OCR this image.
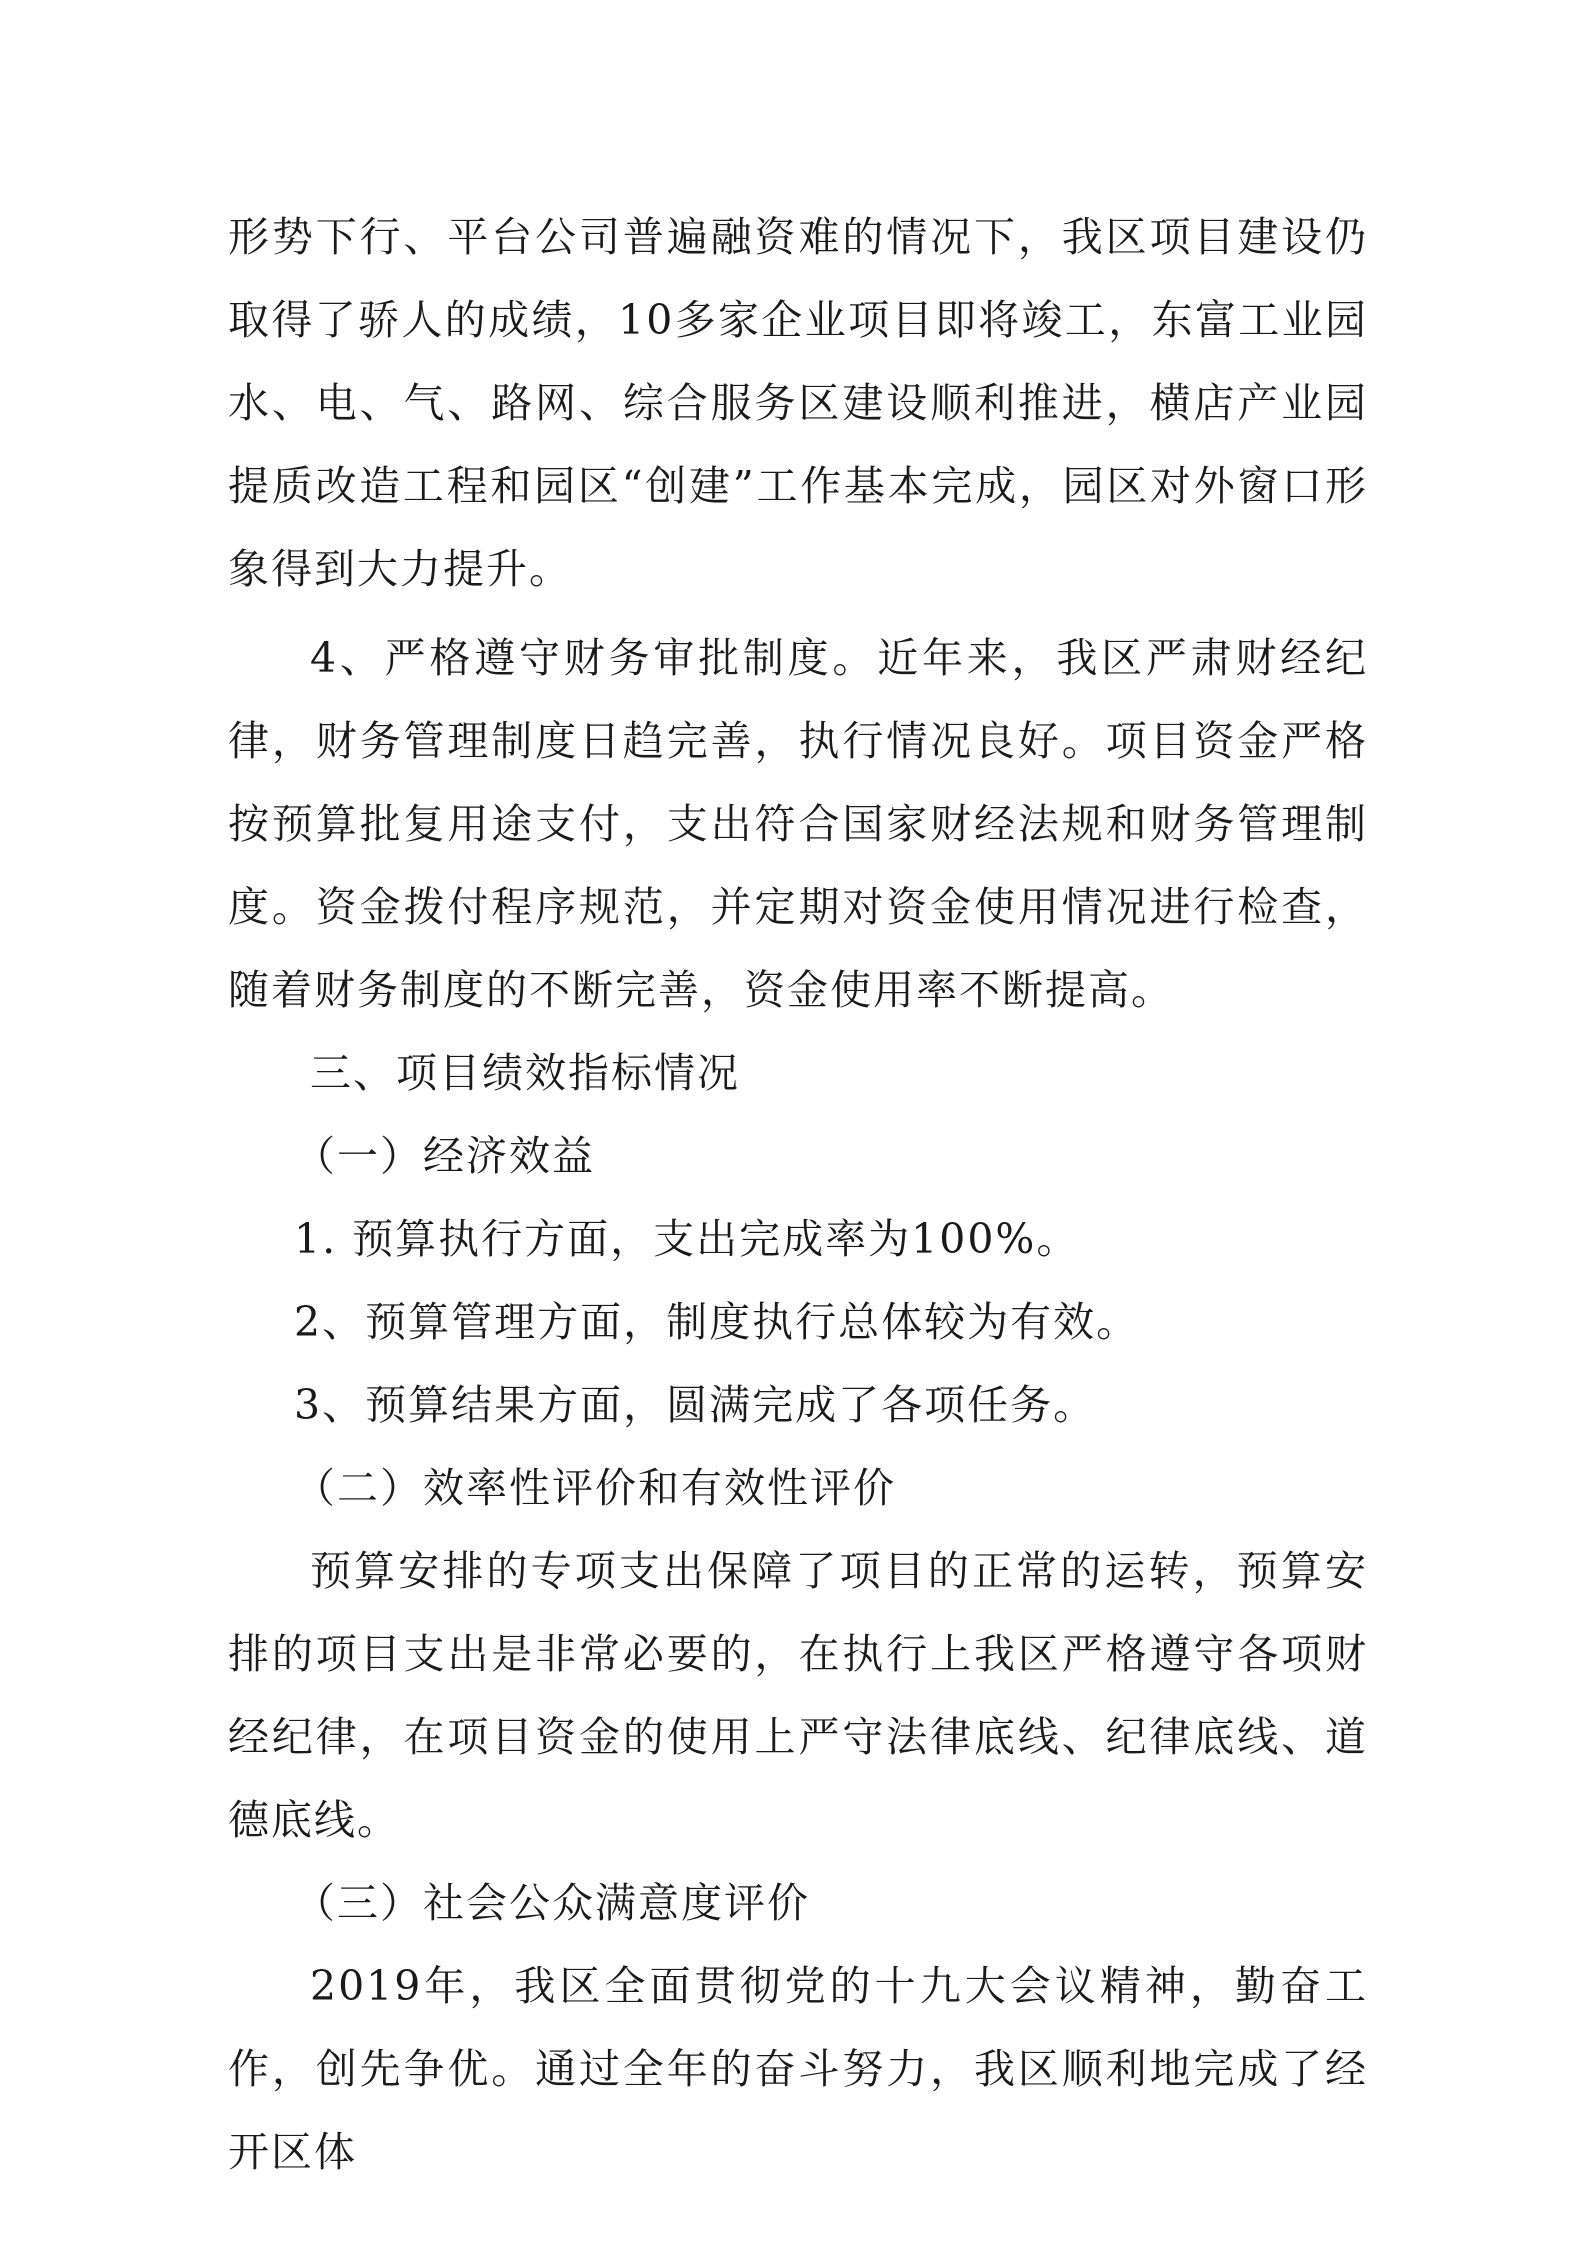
形势下行、平台公司普遍融资难的情况下，我区项目建设仍取得了骄人的成绩，10多家企业项目即将竣工，东富工业园水、电、气、路网、综合服务区建设顺利推进，横店产业园提质改造工程和园区“创建”工作基本完成，园区对外窗口形象得到大力提升。

4、严格遵守财务审批制度。近年来，我区严肃财经纪律，财务管理制度日趋完善，执行情况良好。项目资金严格按预算批复用途支付，支出符合国家财经法规和财务管理制度。资金拨付程序规范，并定期对资金使用情况进行检查，随着财务制度的不断完善，资金使用率不断提高。

三、项目绩效指标情况

（一）经济效益

1. 预算执行方面，支出完成率为100%。

2、预算管理方面，制度执行总体较为有效。

3、预算结果方面，圆满完成了各项任务。

（二）效率性评价和有效性评价

预算安排的专项支出保障了项目的正常的运转，预算安排的项目支出是非常必要的，在执行上我区严格遵守各项财经纪律，在项目资金的使用上严守法律底线、纪律底线、道德底线。

（三）社会公众满意度评价

2019年，我区全面贯彻党的十九大会议精神，勤奋工作，创先争优。通过全年的奋斗努力，我区顺利地完成了经开区体
